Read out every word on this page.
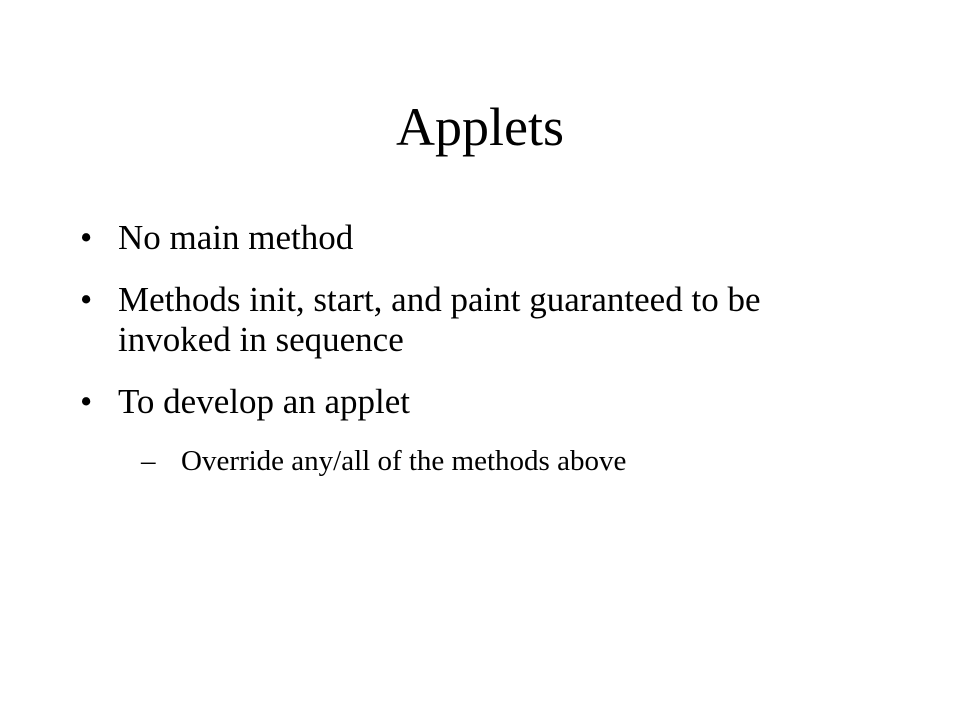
Applets
• No main method
• Methods init, start, and paint guaranteed to be invoked in sequence
• To develop an applet
– Override any/all of the methods above
